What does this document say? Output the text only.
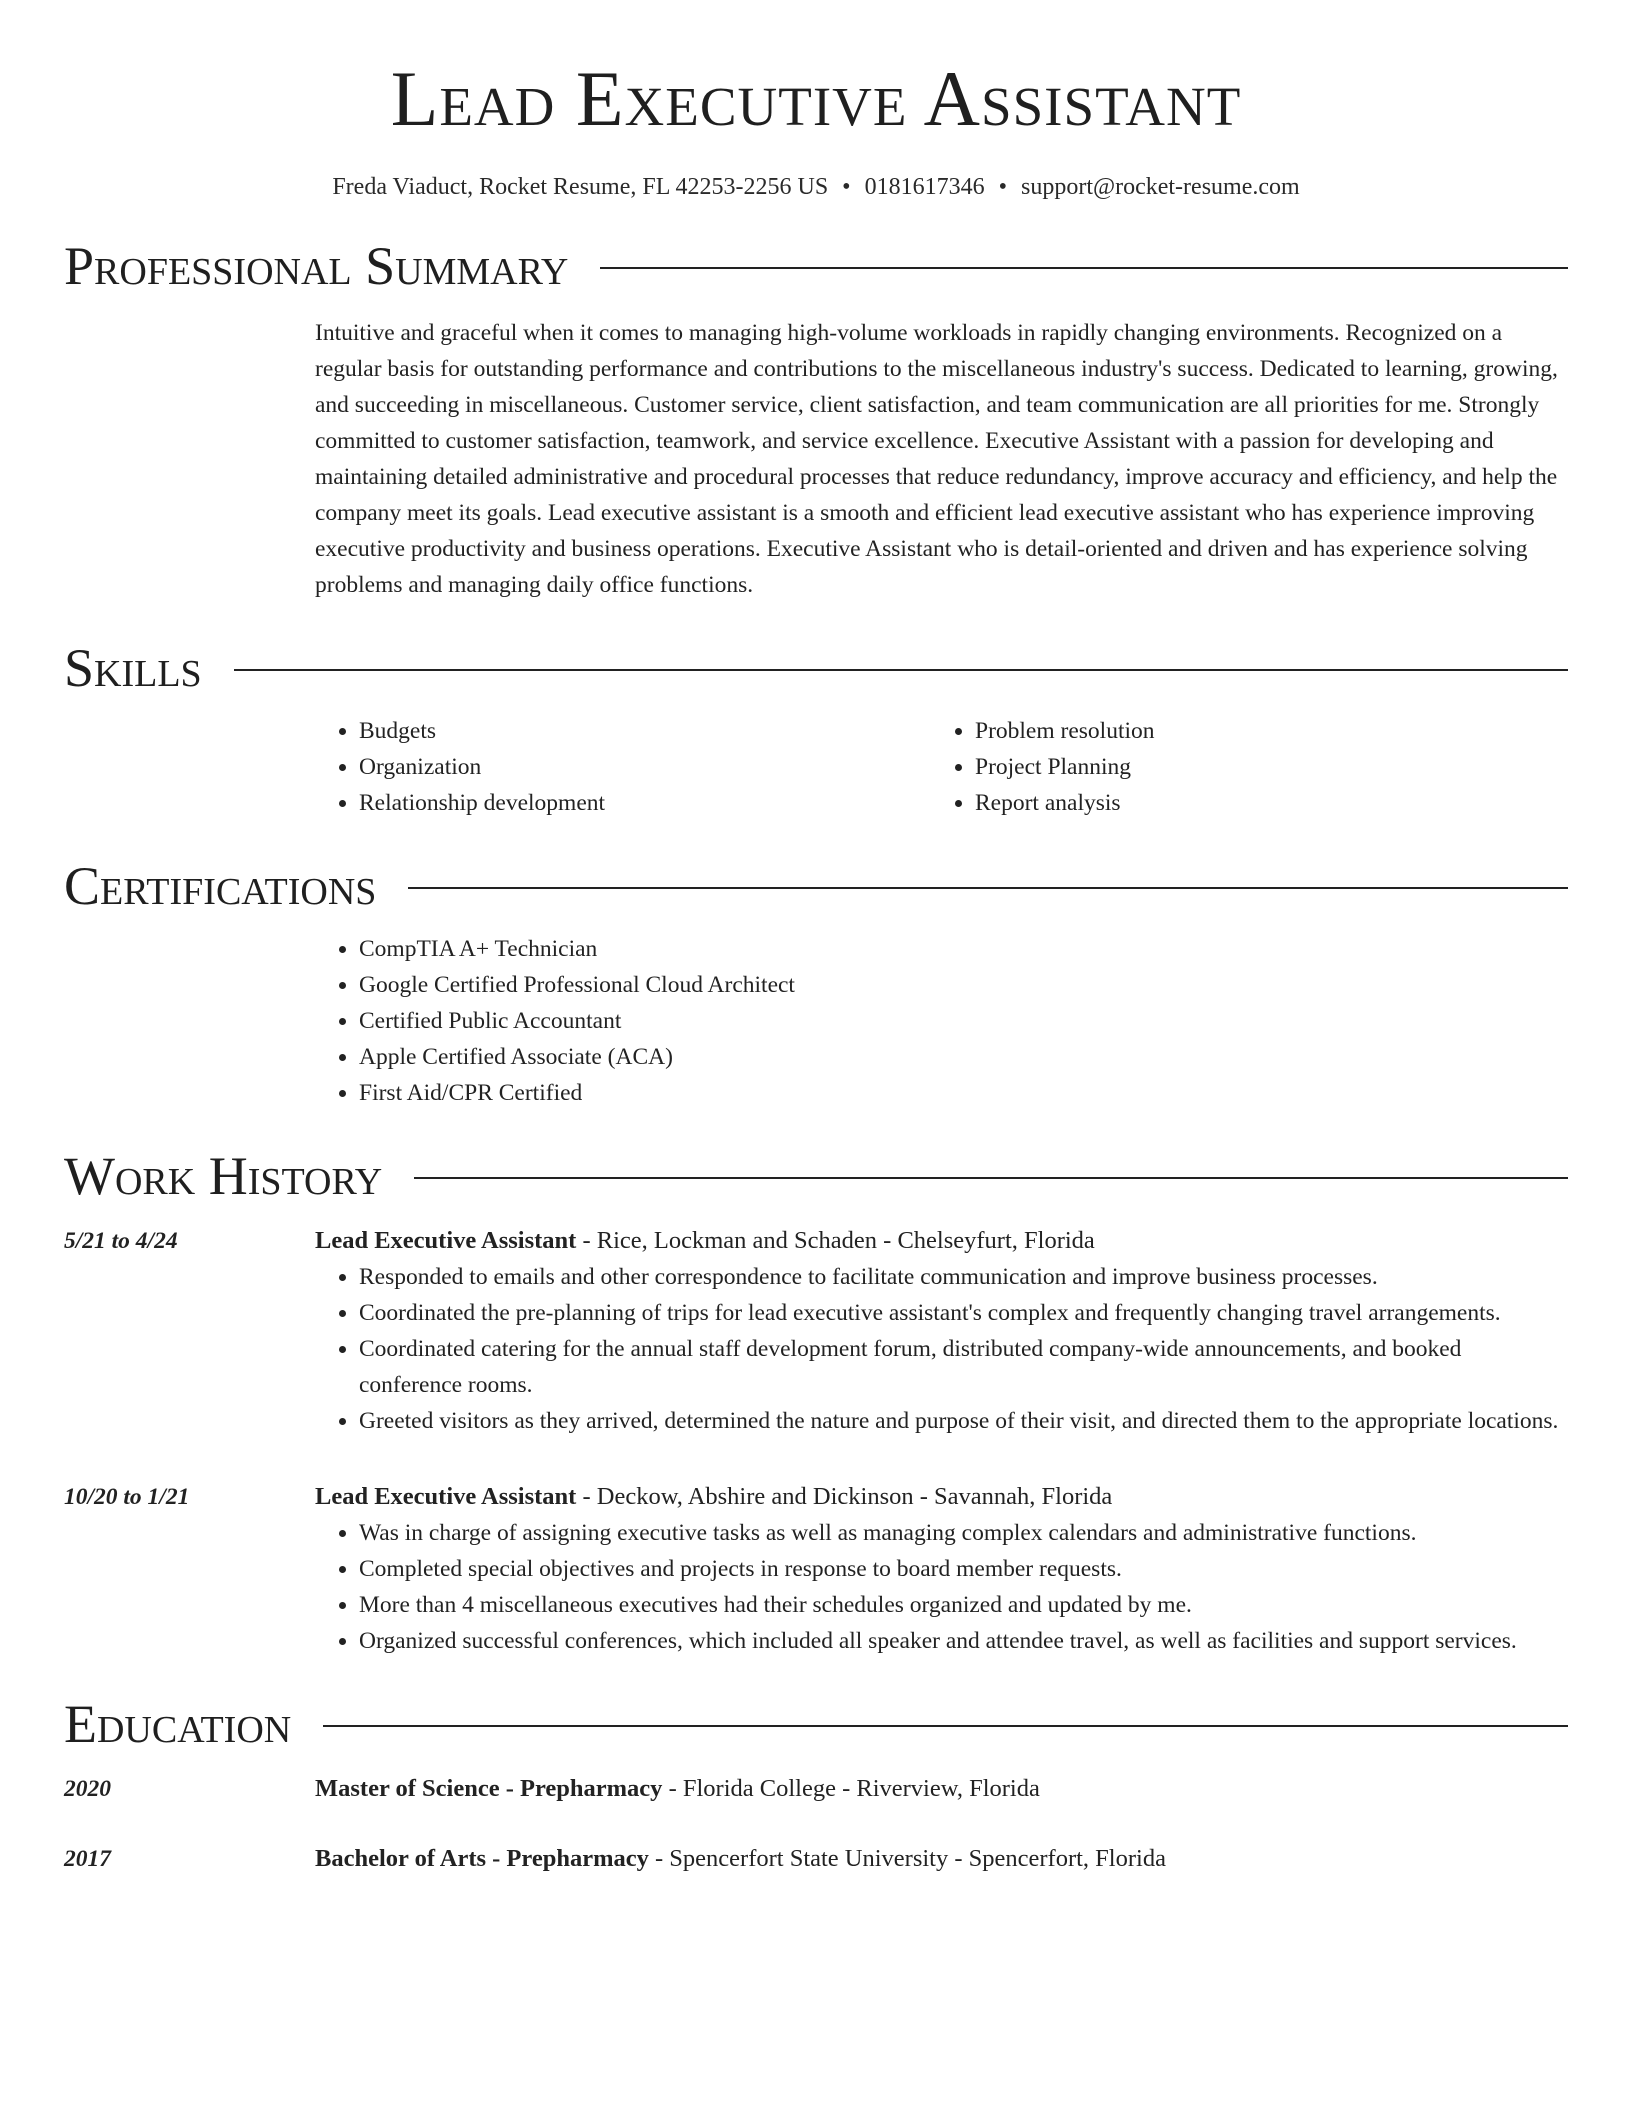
Lead Executive Assistant
Freda Viaduct, Rocket Resume, FL 42253-2256 US • 0181617346 • support@rocket-resume.com
Professional Summary
Intuitive and graceful when it comes to managing high-volume workloads in rapidly changing environments. Recognized on a regular basis for outstanding performance and contributions to the miscellaneous industry's success. Dedicated to learning, growing, and succeeding in miscellaneous. Customer service, client satisfaction, and team communication are all priorities for me. Strongly committed to customer satisfaction, teamwork, and service excellence. Executive Assistant with a passion for developing and maintaining detailed administrative and procedural processes that reduce redundancy, improve accuracy and efficiency, and help the company meet its goals. Lead executive assistant is a smooth and efficient lead executive assistant who has experience improving executive productivity and business operations. Executive Assistant who is detail-oriented and driven and has experience solving problems and managing daily office functions.
Skills
• Budgets
• Organization
• Relationship development
• Problem resolution
• Project Planning
• Report analysis
Certifications
• CompTIA A+ Technician
• Google Certified Professional Cloud Architect
• Certified Public Accountant
• Apple Certified Associate (ACA)
• First Aid/CPR Certified
Work History
5/21 to 4/24	Lead Executive Assistant - Rice, Lockman and Schaden - Chelseyfurt, Florida
• Responded to emails and other correspondence to facilitate communication and improve business processes.
• Coordinated the pre-planning of trips for lead executive assistant's complex and frequently changing travel arrangements.
• Coordinated catering for the annual staff development forum, distributed company-wide announcements, and booked conference rooms.
• Greeted visitors as they arrived, determined the nature and purpose of their visit, and directed them to the appropriate locations.
10/20 to 1/21	Lead Executive Assistant - Deckow, Abshire and Dickinson - Savannah, Florida
• Was in charge of assigning executive tasks as well as managing complex calendars and administrative functions.
• Completed special objectives and projects in response to board member requests.
• More than 4 miscellaneous executives had their schedules organized and updated by me.
• Organized successful conferences, which included all speaker and attendee travel, as well as facilities and support services.
Education
2020	Master of Science - Prepharmacy - Florida College - Riverview, Florida
2017	Bachelor of Arts - Prepharmacy - Spencerfort State University - Spencerfort, Florida
